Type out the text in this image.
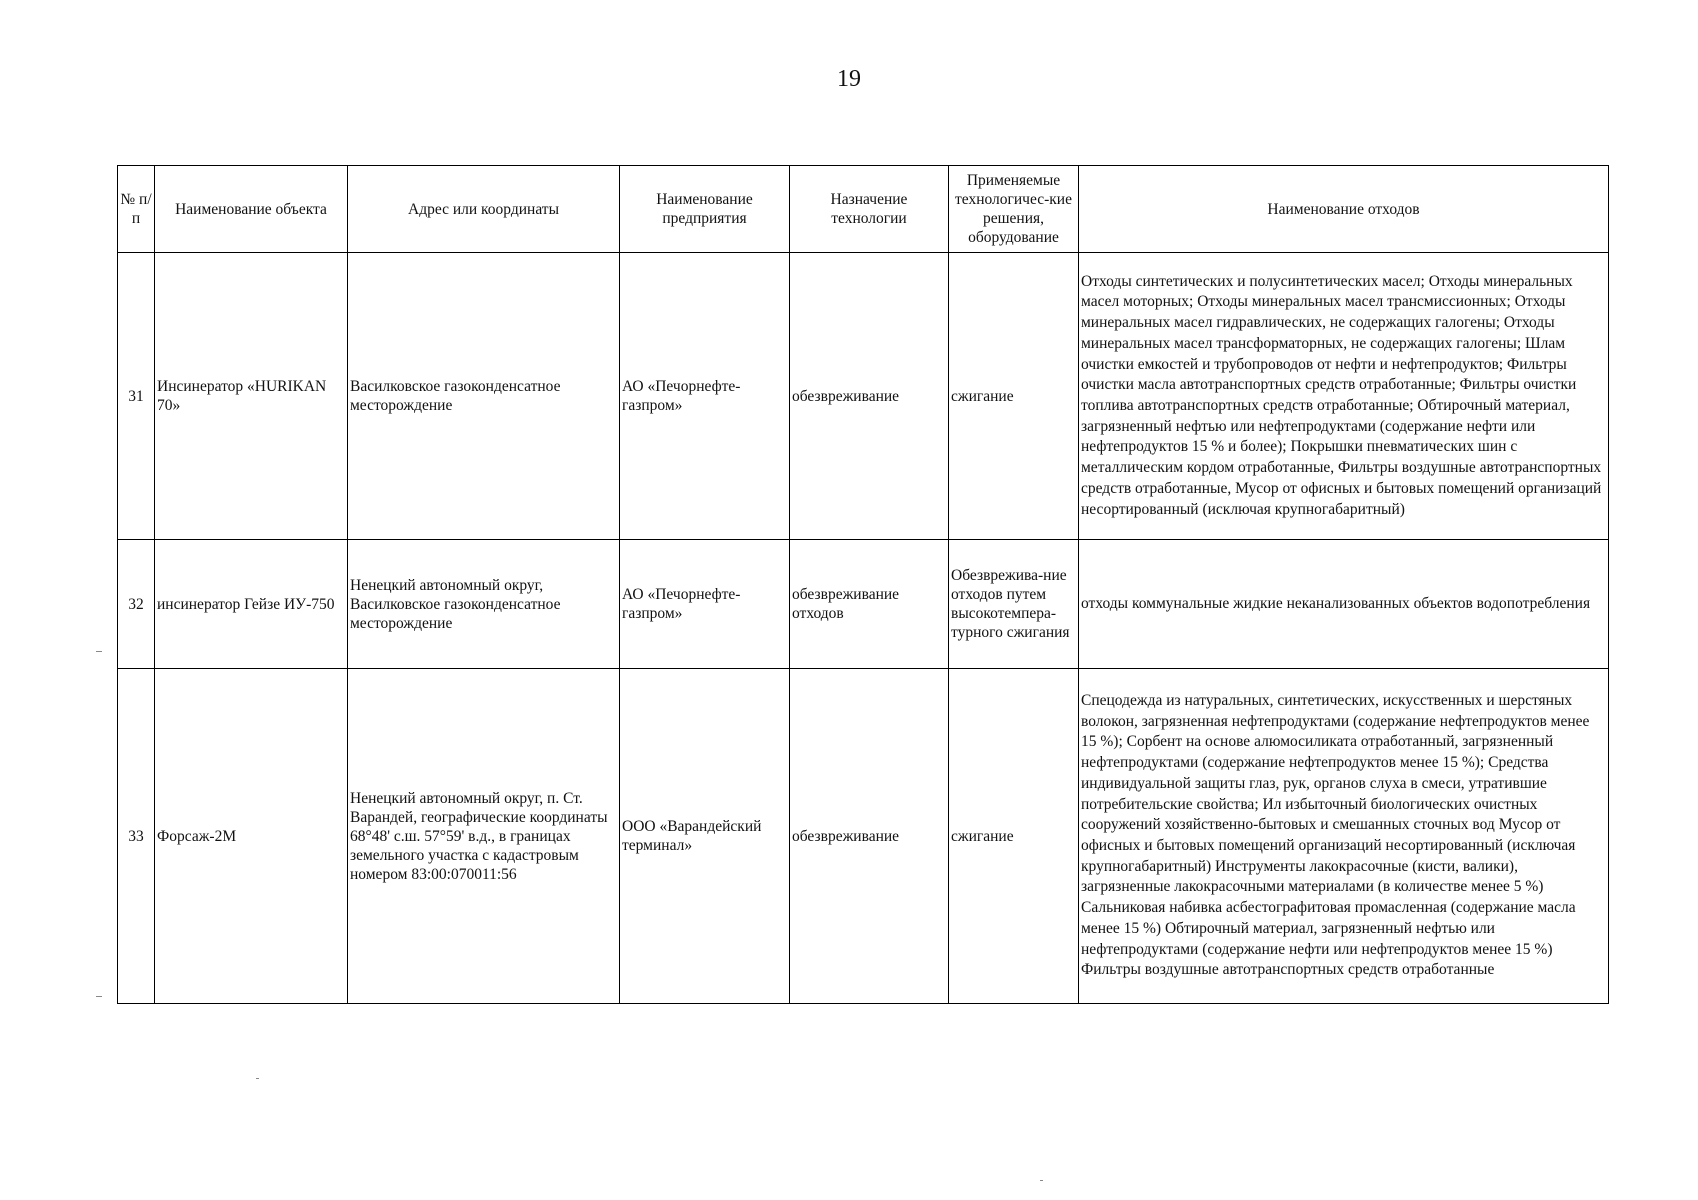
19
№ п/п	Наименование объекта	Адрес или координаты	Наименование предприятия	Назначение технологии	Применяемые технологичес-кие решения, оборудование	Наименование отходов
31	Инсинератор «HURIKAN 70»	Василковское газоконденсатное месторождение	АО «Печорнефте-газпром»	обезвреживание	сжигание	Отходы синтетических и полусинтетических масел; Отходы минеральных масел моторных; Отходы минеральных масел трансмиссионных; Отходы минеральных масел гидравлических, не содержащих галогены; Отходы минеральных масел трансформаторных, не содержащих галогены; Шлам очистки емкостей и трубопроводов от нефти и нефтепродуктов; Фильтры очистки масла автотранспортных средств отработанные; Фильтры очистки топлива автотранспортных средств отработанные; Обтирочный материал, загрязненный нефтью или нефтепродуктами (содержание нефти или нефтепродуктов 15 % и более); Покрышки пневматических шин с металлическим кордом отработанные, Фильтры воздушные автотранспортных средств отработанные, Мусор от офисных и бытовых помещений организаций несортированный (исключая крупногабаритный)
32	инсинератор Гейзе ИУ-750	Ненецкий автономный округ, Василковское газоконденсатное месторождение	АО «Печорнефте-газпром»	обезвреживание отходов	Обезврежива-ние отходов путем высокотемпера-турного сжигания	отходы коммунальные жидкие неканализованных объектов водопотребления
33	Форсаж-2М	Ненецкий автономный округ, п. Ст. Варандей, географические координаты 68°48' с.ш. 57°59' в.д., в границах земельного участка с кадастровым номером 83:00:070011:56	ООО «Варандейский терминал»	обезвреживание	сжигание	Спецодежда из натуральных, синтетических, искусственных и шерстяных волокон, загрязненная нефтепродуктами (содержание нефтепродуктов менее 15 %); Сорбент на основе алюмосиликата отработанный, загрязненный нефтепродуктами (содержание нефтепродуктов менее 15 %); Средства индивидуальной защиты глаз, рук, органов слуха в смеси, утратившие потребительские свойства; Ил избыточный биологических очистных сооружений хозяйственно-бытовых и смешанных сточных вод Мусор от офисных и бытовых помещений организаций несортированный (исключая крупногабаритный) Инструменты лакокрасочные (кисти, валики), загрязненные лакокрасочными материалами (в количестве менее 5 %) Сальниковая набивка асбестографитовая промасленная (содержание масла менее 15 %) Обтирочный материал, загрязненный нефтью или нефтепродуктами (содержание нефти или нефтепродуктов менее 15 %) Фильтры воздушные автотранспортных средств отработанные
